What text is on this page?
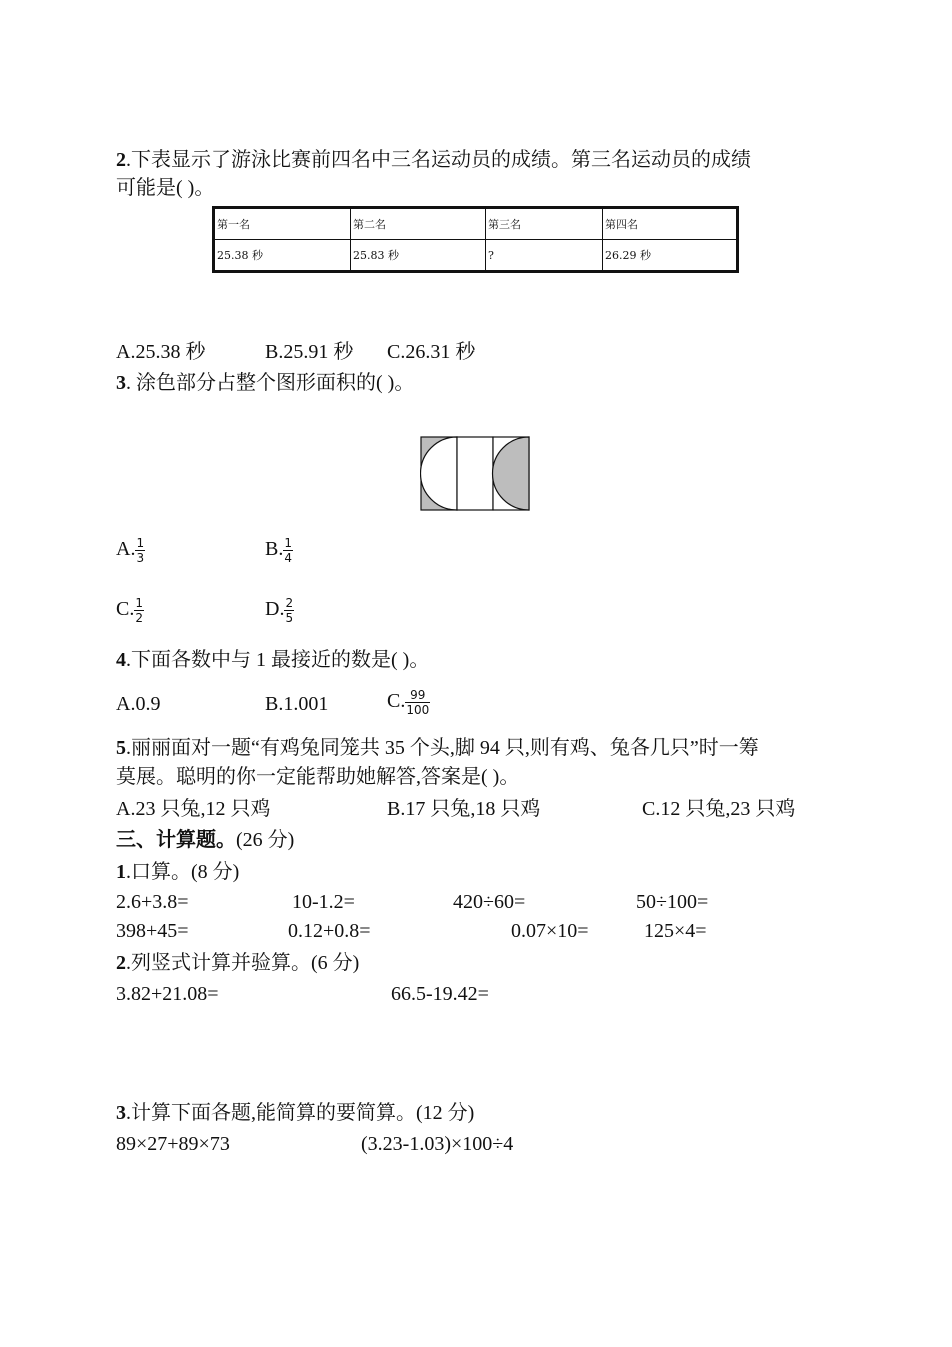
2.下表显示了游泳比赛前四名中三名运动员的成绩。第三名运动员的成绩
可能是( )。
第一名	第二名	第三名	第四名
25.38 秒	25.83 秒	?	26.29 秒
A.25.38 秒	B.25.91 秒 C.26.31 秒
3. 涂色部分占整个图形面积的( )。
A. $\frac{1}{3}$	B. $\frac{1}{4}$
C. $\frac{1}{2}$	D. $\frac{2}{5}$
4.下面各数中与 1 最接近的数是( )。
A.0.9	B.1.001	C. $\frac{99}{100}$
5.丽丽面对一题“有鸡兔同笼共 35 个头,脚 94 只,则有鸡、兔各几只”时一筹
莫展。聪明的你一定能帮助她解答,答案是( )。
A.23 只兔,12 只鸡	B.17 只兔,18 只鸡	C.12 只兔,23 只鸡
三、计算题。(26 分)
1.口算。(8 分)
2.6+3.8=	10-1.2=	420÷60=	50÷100=
398+45=	0.12+0.8=	0.07×10=	125×4=
2.列竖式计算并验算。(6 分)
3.82+21.08=	66.5-19.42=
3.计算下面各题,能简算的要简算。(12 分)
89×27+89×73	(3.23-1.03)×100÷4
